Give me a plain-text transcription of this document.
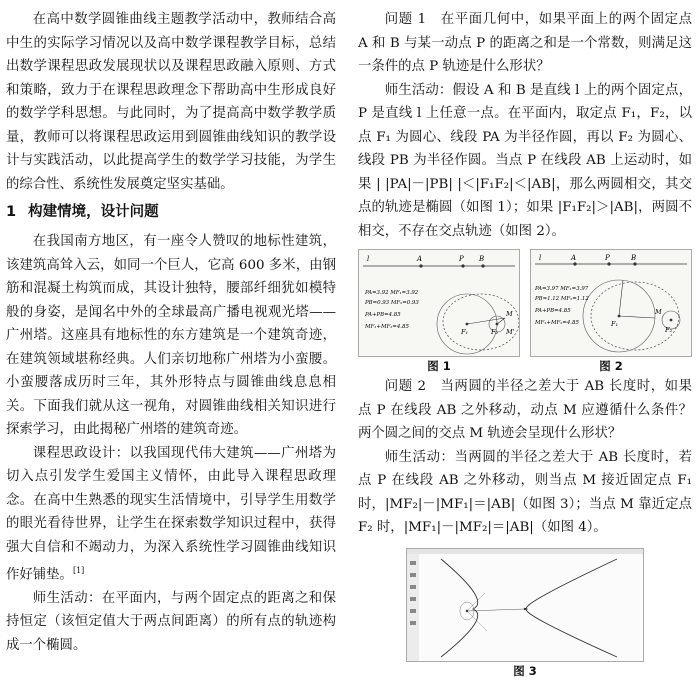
在高中数学圆锥曲线主题教学活动中，教师结合高中生的实际学习情况以及高中数学课程教学目标，总结出数学课程思政发展现状以及课程思政融入原则、方式和策略，致力于在课程思政理念下帮助高中生形成良好的数学学科思想。与此同时，为了提高高中数学教学质量，教师可以将课程思政运用到圆锥曲线知识的教学设计与实践活动，以此提高学生的数学学习技能，为学生的综合性、系统性发展奠定坚实基础。

1 构建情境，设计问题

在我国南方地区，有一座令人赞叹的地标性建筑，该建筑高耸入云，如同一个巨人，它高 600 多米，由钢筋和混凝土构筑而成，其设计独特，腰部纤细犹如模特般的身姿，是闻名中外的全球最高广播电视观光塔——广州塔。这座具有地标性的东方建筑是一个建筑奇迹，在建筑领域堪称经典。人们亲切地称广州塔为小蛮腰。小蛮腰落成历时三年，其外形特点与圆锥曲线息息相关。下面我们就从这一视角，对圆锥曲线相关知识进行探索学习，由此揭秘广州塔的建筑奇迹。

课程思政设计：以我国现代伟大建筑——广州塔为切入点引发学生爱国主义情怀，由此导入课程思政理念。在高中生熟悉的现实生活情境中，引导学生用数学的眼光看待世界，让学生在探索数学知识过程中，获得强大自信和不竭动力，为深入系统性学习圆锥曲线知识作好铺垫。[1]

师生活动：在平面内，与两个固定点的距离之和保持恒定（该恒定值大于两点间距离）的所有点的轨迹构成一个椭圆。

问题 1　在平面几何中，如果平面上的两个固定点 A 和 B 与某一动点 P 的距离之和是一个常数，则满足这一条件的点 P 轨迹是什么形状？

师生活动：假设 A 和 B 是直线 l 上的两个固定点，P 是直线 l 上任意一点。在平面内，取定点 F₁，F₂，以点 F₁ 为圆心、线段 PA 为半径作圆，再以 F₂ 为圆心、线段 PB 为半径作圆。当点 P 在线段 AB 上运动时，如果 | |PA|－|PB| |＜|F₁F₂|＜|AB|，那么两圆相交，其交点的轨迹是椭圆（如图 1）；如果 |F₁F₂|＞|AB|，两圆不相交，不存在交点轨迹（如图 2）。

l	A	P B
F₁	F₂
M
M'
PA=3.92 MF₁=3.92
PB=0.93 MF₂=0.93
PA+PB=4.85
MF₁+MF₂=4.85
图 1
l	A	P	B
F₁
F₂
M
PA=3.97 MF₁=3.97
PB=1.12 MF₂=1.12
PA+PB=4.85
MF₁+MF₂=4.85
图 2

问题 2　当两圆的半径之差大于 AB 长度时，如果点 P 在线段 AB 之外移动，动点 M 应遵循什么条件？两个圆之间的交点 M 轨迹会呈现什么形状？

师生活动：当两圆的半径之差大于 AB 长度时，若点 P 在线段 AB 之外移动，则当点 M 接近固定点 F₁ 时，|MF₂|－|MF₁|＝|AB|（如图 3）；当点 M 靠近定点 F₂ 时，|MF₁|－|MF₂|＝|AB|（如图 4）。

图 3
